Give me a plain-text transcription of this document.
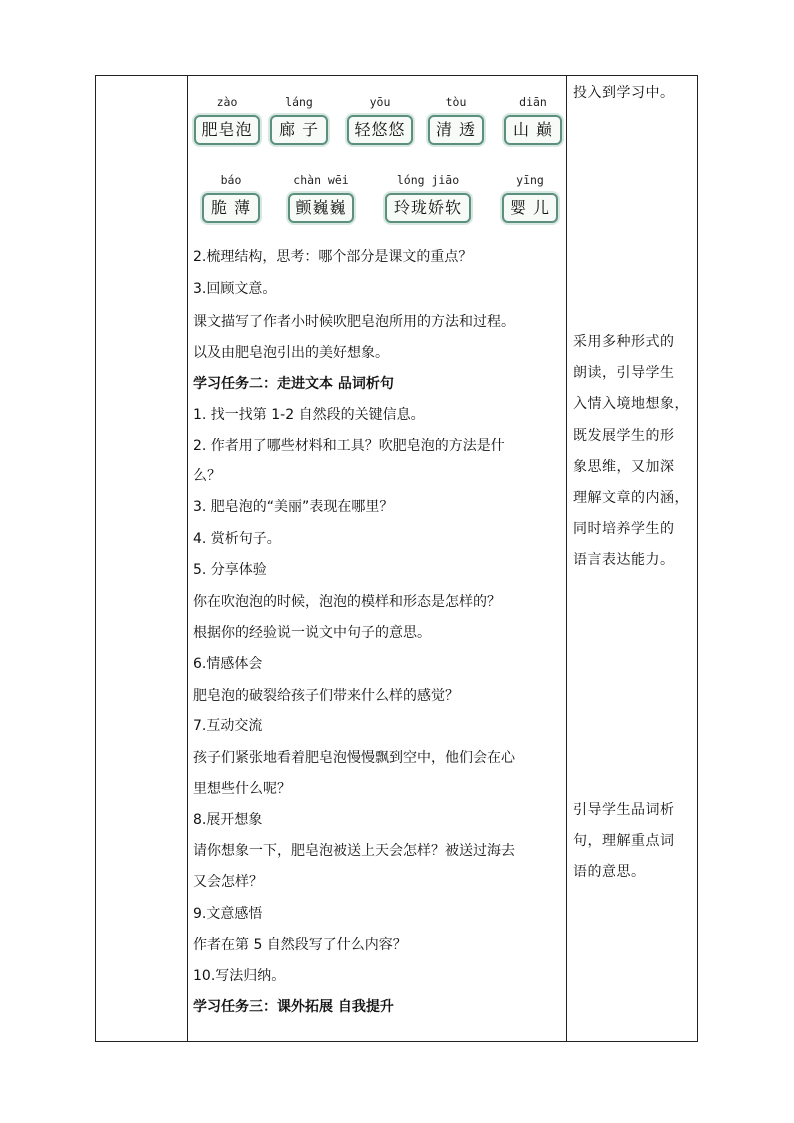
zào
肥皂泡
láng
廊 子
yōu
轻悠悠
tòu
清 透
diān
山 巅
báo
脆 薄
chàn wēi
颤巍巍
lóng jiāo
玲珑娇软
yīng
婴 儿
2.梳理结构，思考：哪个部分是课文的重点？
3.回顾文意。
课文描写了作者小时候吹肥皂泡所用的方法和过程。
以及由肥皂泡引出的美好想象。
学习任务二：走进文本 品词析句
1. 找一找第 1-2 自然段的关键信息。
2. 作者用了哪些材料和工具？吹肥皂泡的方法是什
么？
3. 肥皂泡的“美丽”表现在哪里？
4. 赏析句子。
5. 分享体验
你在吹泡泡的时候，泡泡的模样和形态是怎样的？
根据你的经验说一说文中句子的意思。
6.情感体会
肥皂泡的破裂给孩子们带来什么样的感觉？
7.互动交流
孩子们紧张地看着肥皂泡慢慢飘到空中，他们会在心
里想些什么呢？
8.展开想象
请你想象一下，肥皂泡被送上天会怎样？被送过海去
又会怎样？
9.文意感悟
作者在第 5 自然段写了什么内容？
10.写法归纳。
学习任务三：课外拓展 自我提升
投入到学习中。
采用多种形式的
朗读，引导学生
入情入境地想象，
既发展学生的形
象思维，又加深
理解文章的内涵，
同时培养学生的
语言表达能力。
引导学生品词析
句，理解重点词
语的意思。
